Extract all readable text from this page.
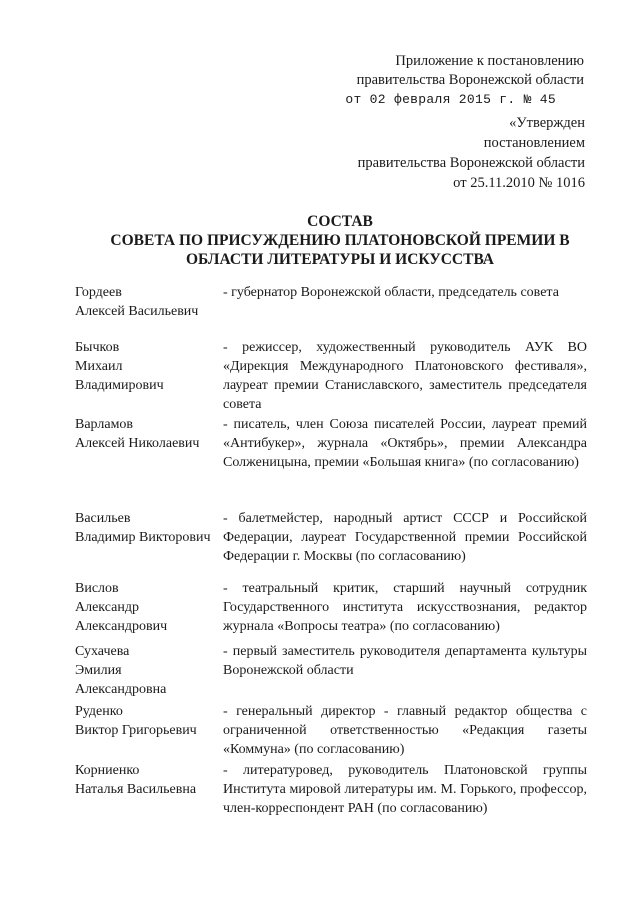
Приложение к постановлению
правительства Воронежской области
от 02 февраля 2015 г. № 45
«Утвержден
постановлением
правительства Воронежской области
от 25.11.2010 № 1016
СОСТАВ
СОВЕТА ПО ПРИСУЖДЕНИЮ ПЛАТОНОВСКОЙ ПРЕМИИ В
ОБЛАСТИ ЛИТЕРАТУРЫ И ИСКУССТВА
Гордеев
Алексей Васильевич
- губернатор Воронежской области, председатель совета
Бычков
Михаил
Владимирович
- режиссер, художественный руководитель АУК ВО «Дирекция Международного Платоновского фестиваля», лауреат премии Станиславского, заместитель председателя совета
Варламов
Алексей Николаевич
- писатель, член Союза писателей России, лауреат премий «Антибукер», журнала «Октябрь», премии Александра Солженицына, премии «Большая книга» (по согласованию)
Васильев
Владимир Викторович
- балетмейстер, народный артист СССР и Российской Федерации, лауреат Государственной премии Российской Федерации г. Москвы (по согласованию)
Вислов
Александр
Александрович
- театральный критик, старший научный сотрудник Государственного института искусствознания, редактор журнала «Вопросы театра» (по согласованию)
Сухачева
Эмилия
Александровна
- первый заместитель руководителя департамента культуры Воронежской области
Руденко
Виктор Григорьевич
- генеральный директор - главный редактор общества с ограниченной ответственностью «Редакция газеты «Коммуна» (по согласованию)
Корниенко
Наталья Васильевна
- литературовед, руководитель Платоновской группы Института мировой литературы им. М. Горького, профессор, член-корреспондент РАН (по согласованию)
